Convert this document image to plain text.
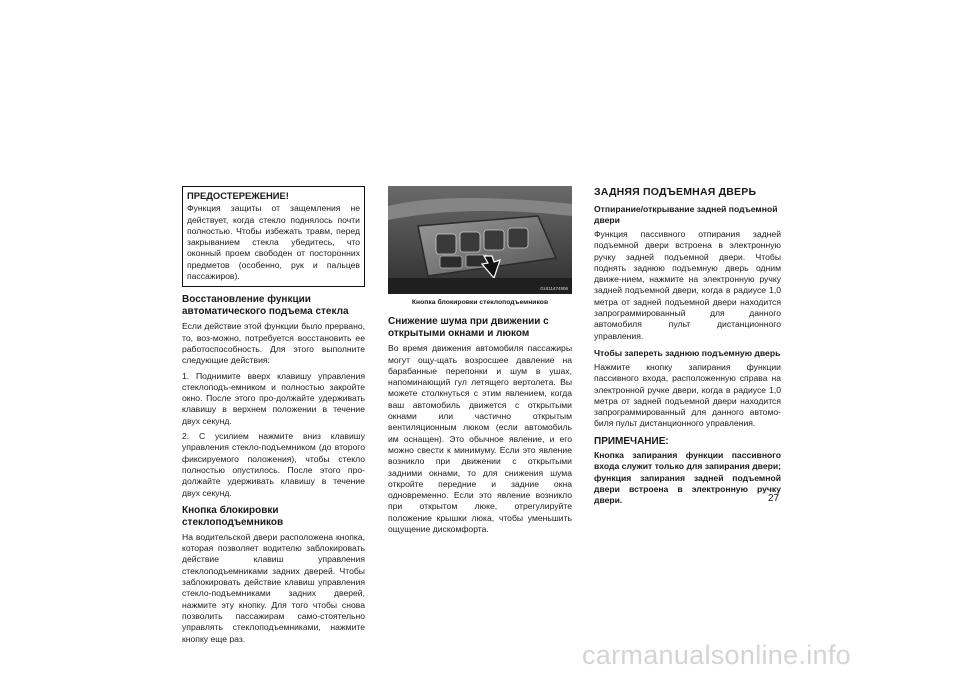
ПРЕДОСТЕРЕЖЕНИЕ!

Функция защиты от защемления не действует, когда стекло поднялось почти полностью. Чтобы избежать травм, перед закрыванием стекла убедитесь, что оконный проем свободен от посторонних предметов (особенно, рук и пальцев пассажиров).

Восстановление функции автоматического подъема стекла

Если действие этой функции было прервано, то, воз-можно, потребуется восстановить ее работоспособность. Для этого выполните следующие действия:

1. Поднимите вверх клавишу управления стеклоподъ-емником и полностью закройте окно. После этого про-должайте удерживать клавишу в верхнем положении в течение двух секунд.

2. С усилием нажмите вниз клавишу управления стекло-подъемником (до второго фиксируемого положения), чтобы стекло полностью опустилось. После этого про-должайте удерживать клавишу в течение двух секунд.

Кнопка блокировки стеклоподъемников

На водительской двери расположена кнопка, которая позволяет водителю заблокировать действие клавиш управления стеклоподъемниками задних дверей. Чтобы заблокировать действие клавиш управления стекло-подъемниками задних дверей, нажмите эту кнопку. Для того чтобы снова позволить пассажирам само-стоятельно управлять стеклоподъемниками, нажмите кнопку еще раз.

GUI11474906
Кнопка блокировки стеклоподъемников
Снижение шума при движении с открытыми окнами и люком

Во время движения автомобиля пассажиры могут ощу-щать возросшее давление на барабанные перепонки и шум в ушах, напоминающий гул летящего вертолета. Вы можете столкнуться с этим явлением, когда ваш автомобиль движется с открытыми окнами или частично открытым вентиляционным люком (если автомобиль им оснащен). Это обычное явление, и его можно свести к минимуму. Если это явление возникло при движении с открытыми задними окнами, то для снижения шума откройте передние и задние окна одновременно. Если это явление возникло при открытом люке, отрегулируйте положение крышки люка, чтобы уменьшить ощущение дискомфорта.

ЗАДНЯЯ ПОДЪЕМНАЯ ДВЕРЬ
Отпирание/открывание задней подъемной двери

Функция пассивного отпирания задней подъемной двери встроена в электронную ручку задней подъемной двери. Чтобы поднять заднюю подъемную дверь одним движе-нием, нажмите на электронную ручку задней подъемной двери, когда в радиусе 1,0 метра от задней подъемной двери находится запрограммированный для данного автомобиля пульт дистанционного управления.

Чтобы запереть заднюю подъемную дверь

Нажмите кнопку запирания функции пассивного входа, расположенную справа на электронной ручке двери, когда в радиусе 1,0 метра от задней подъемной двери находится запрограммированный для данного автомо-биля пульт дистанционного управления.

ПРИМЕЧАНИЕ:

Кнопка запирания функции пассивного входа служит только для запирания двери; функция запирания задней подъемной двери встроена в электронную ручку двери.	27
carmanualsonline.info
